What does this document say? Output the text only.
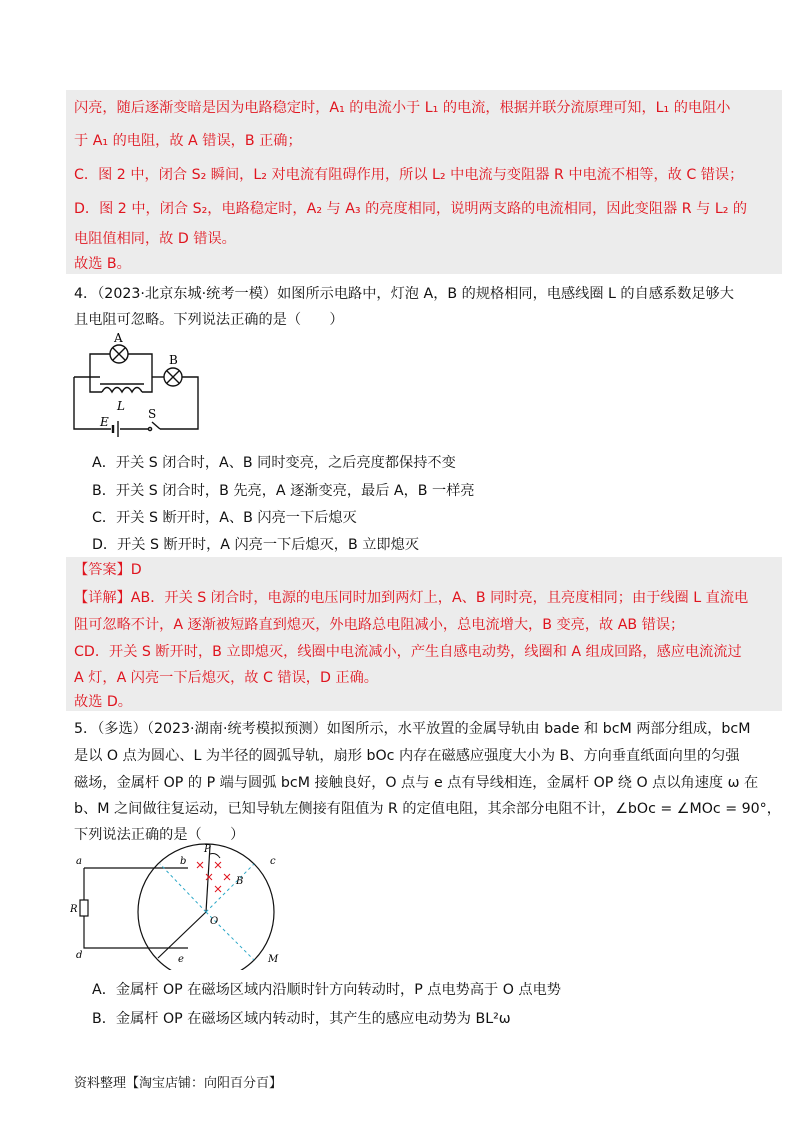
闪亮，随后逐渐变暗是因为电路稳定时，A₁ 的电流小于 L₁ 的电流，根据并联分流原理可知，L₁ 的电阻小
于 A₁ 的电阻，故 A 错误，B 正确；
C．图 2 中，闭合 S₂ 瞬间，L₂ 对电流有阻碍作用，所以 L₂ 中电流与变阻器 R 中电流不相等，故 C 错误；
D．图 2 中，闭合 S₂，电路稳定时，A₂ 与 A₃ 的亮度相同，说明两支路的电流相同，因此变阻器 R 与 L₂ 的
电阻值相同，故 D 错误。
故选 B。
4．（2023·北京东城·统考一模）如图所示电路中，灯泡 A，B 的规格相同，电感线圈 L 的自感系数足够大
且电阻可忽略。下列说法正确的是（　　）
A
B
L
E
S
A．开关 S 闭合时，A、B 同时变亮，之后亮度都保持不变
B．开关 S 闭合时，B 先亮，A 逐渐变亮，最后 A，B 一样亮
C．开关 S 断开时，A、B 闪亮一下后熄灭
D．开关 S 断开时，A 闪亮一下后熄灭，B 立即熄灭
【答案】D
【详解】AB．开关 S 闭合时，电源的电压同时加到两灯上，A、B 同时亮，且亮度相同；由于线圈 L 直流电
阻可忽略不计，A 逐渐被短路直到熄灭，外电路总电阻减小，总电流增大，B 变亮，故 AB 错误；
CD．开关 S 断开时，B 立即熄灭，线圈中电流减小，产生自感电动势，线圈和 A 组成回路，感应电流流过
A 灯，A 闪亮一下后熄灭，故 C 错误，D 正确。
故选 D。
5．（多选）（2023·湖南·统考模拟预测）如图所示，水平放置的金属导轨由 bade 和 bcM 两部分组成，bcM
是以 O 点为圆心、L 为半径的圆弧导轨，扇形 bOc 内存在磁感应强度大小为 B、方向垂直纸面向里的匀强
磁场，金属杆 OP 的 P 端与圆弧 bcM 接触良好，O 点与 e 点有导线相连，金属杆 OP 绕 O 点以角速度 ω 在
b、M 之间做往复运动，已知导轨左侧接有阻值为 R 的定值电阻，其余部分电阻不计，∠bOc = ∠MOc = 90°，
下列说法正确的是（　　）
a	b
P
c
B
R
O
d	e	M
A．金属杆 OP 在磁场区域内沿顺时针方向转动时，P 点电势高于 O 点电势
B．金属杆 OP 在磁场区域内转动时，其产生的感应电动势为 BL²ω
资料整理【淘宝店铺：向阳百分百】
